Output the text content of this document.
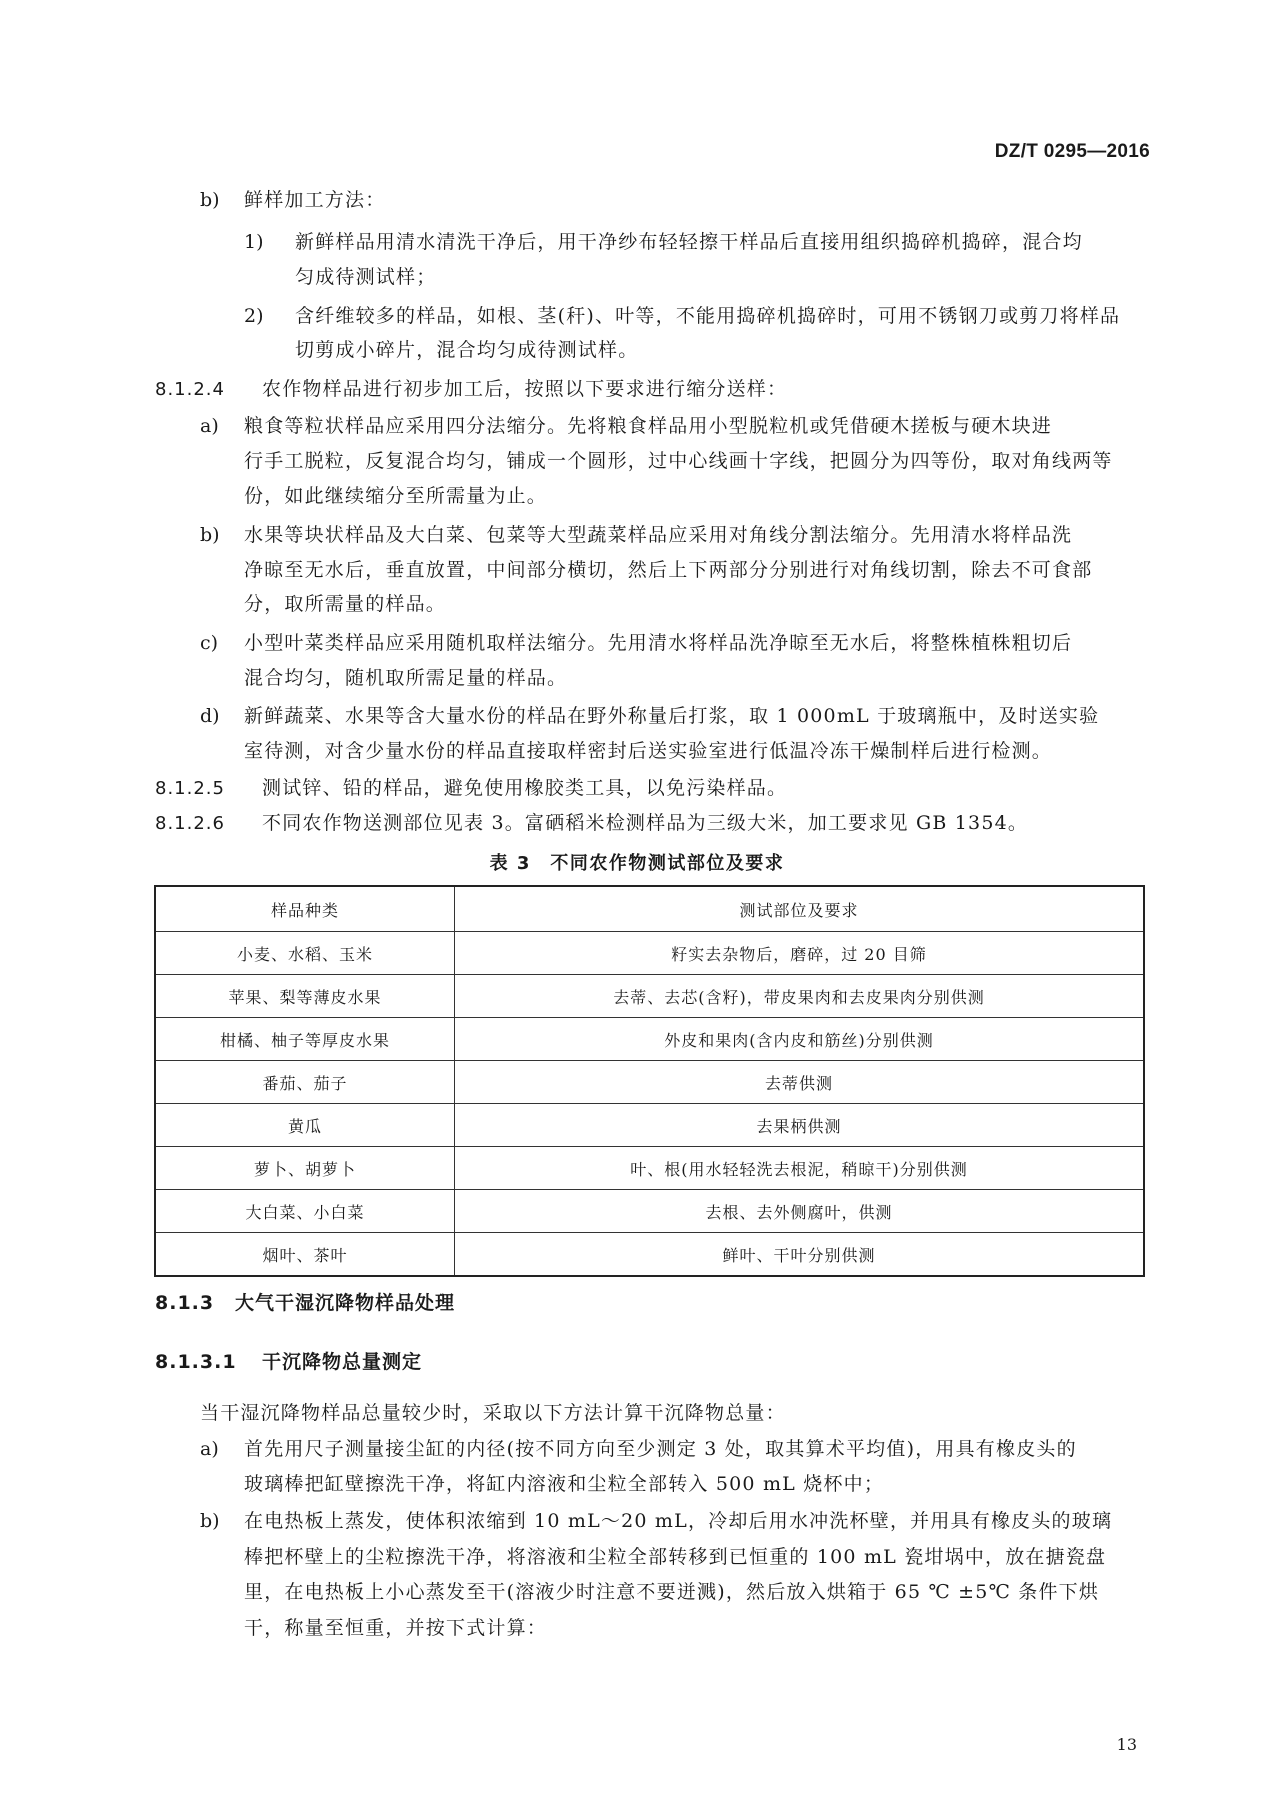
DZ/T 0295—2016
b) 鲜样加工方法：
1) 新鲜样品用清水清洗干净后，用干净纱布轻轻擦干样品后直接用组织捣碎机捣碎，混合均
匀成待测试样；
2) 含纤维较多的样品，如根、茎(秆)、叶等，不能用捣碎机捣碎时，可用不锈钢刀或剪刀将样品
切剪成小碎片，混合均匀成待测试样。
8.1.2.4 农作物样品进行初步加工后，按照以下要求进行缩分送样：
a) 粮食等粒状样品应采用四分法缩分。先将粮食样品用小型脱粒机或凭借硬木搓板与硬木块进
行手工脱粒，反复混合均匀，铺成一个圆形，过中心线画十字线，把圆分为四等份，取对角线两等
份，如此继续缩分至所需量为止。
b) 水果等块状样品及大白菜、包菜等大型蔬菜样品应采用对角线分割法缩分。先用清水将样品洗
净晾至无水后，垂直放置，中间部分横切，然后上下两部分分别进行对角线切割，除去不可食部
分，取所需量的样品。
c) 小型叶菜类样品应采用随机取样法缩分。先用清水将样品洗净晾至无水后，将整株植株粗切后
混合均匀，随机取所需足量的样品。
d) 新鲜蔬菜、水果等含大量水份的样品在野外称量后打浆，取 1 000mL 于玻璃瓶中，及时送实验
室待测，对含少量水份的样品直接取样密封后送实验室进行低温冷冻干燥制样后进行检测。
8.1.2.5 测试锌、铅的样品，避免使用橡胶类工具，以免污染样品。
8.1.2.6 不同农作物送测部位见表 3。富硒稻米检测样品为三级大米，加工要求见 GB 1354。
表 3　不同农作物测试部位及要求
样品种类	测试部位及要求
小麦、水稻、玉米	籽实去杂物后，磨碎，过 20 目筛
苹果、梨等薄皮水果	去蒂、去芯(含籽)，带皮果肉和去皮果肉分别供测
柑橘、柚子等厚皮水果	外皮和果肉(含内皮和筋丝)分别供测
番茄、茄子	去蒂供测
黄瓜	去果柄供测
萝卜、胡萝卜	叶、根(用水轻轻洗去根泥，稍晾干)分别供测
大白菜、小白菜	去根、去外侧腐叶，供测
烟叶、茶叶	鲜叶、干叶分别供测
8.1.3 大气干湿沉降物样品处理
8.1.3.1 干沉降物总量测定
当干湿沉降物样品总量较少时，采取以下方法计算干沉降物总量：
a) 首先用尺子测量接尘缸的内径(按不同方向至少测定 3 处，取其算术平均值)，用具有橡皮头的
玻璃棒把缸壁擦洗干净，将缸内溶液和尘粒全部转入 500 mL 烧杯中；
b) 在电热板上蒸发，使体积浓缩到 10 mL～20 mL，冷却后用水冲洗杯壁，并用具有橡皮头的玻璃
棒把杯壁上的尘粒擦洗干净，将溶液和尘粒全部转移到已恒重的 100 mL 瓷坩埚中，放在搪瓷盘
里，在电热板上小心蒸发至干(溶液少时注意不要迸溅)，然后放入烘箱于 65 ℃ ±5℃ 条件下烘
干，称量至恒重，并按下式计算：
13
